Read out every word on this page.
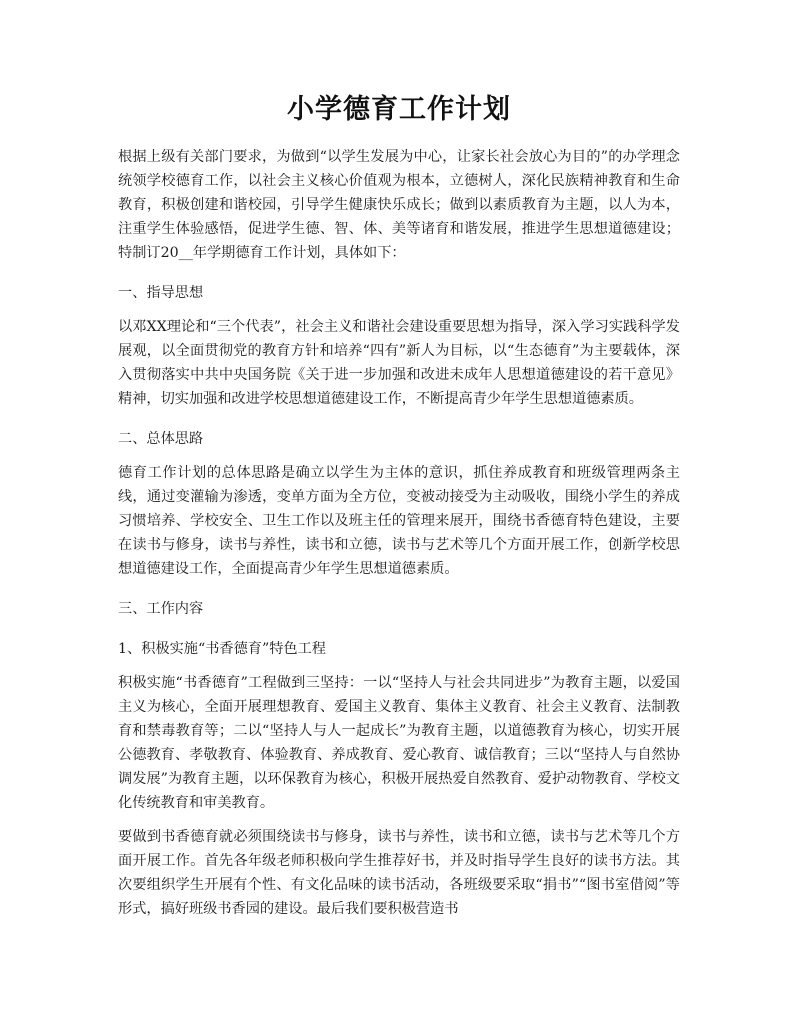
小学德育工作计划

根据上级有关部门要求，为做到“以学生发展为中心，让家长社会放心为目的”的办学理念统领学校德育工作，以社会主义核心价值观为根本，立德树人，深化民族精神教育和生命教育，积极创建和谐校园，引导学生健康快乐成长；做到以素质教育为主题，以人为本，注重学生体验感悟，促进学生德、智、体、美等诸育和谐发展，推进学生思想道德建设；特制订20__年学期德育工作计划，具体如下：

一、指导思想

以邓XX理论和“三个代表”，社会主义和谐社会建设重要思想为指导，深入学习实践科学发展观，以全面贯彻党的教育方针和培养“四有”新人为目标，以“生态德育”为主要载体，深入贯彻落实中共中央国务院《关于进一步加强和改进未成年人思想道德建设的若干意见》精神，切实加强和改进学校思想道德建设工作，不断提高青少年学生思想道德素质。

二、总体思路

德育工作计划的总体思路是确立以学生为主体的意识，抓住养成教育和班级管理两条主线，通过变灌输为渗透，变单方面为全方位，变被动接受为主动吸收，围绕小学生的养成习惯培养、学校安全、卫生工作以及班主任的管理来展开，围绕书香德育特色建设，主要在读书与修身，读书与养性，读书和立德，读书与艺术等几个方面开展工作，创新学校思想道德建设工作，全面提高青少年学生思想道德素质。

三、工作内容

1、积极实施“书香德育”特色工程

积极实施“书香德育”工程做到三坚持：一以“坚持人与社会共同进步”为教育主题，以爱国主义为核心，全面开展理想教育、爱国主义教育、集体主义教育、社会主义教育、法制教育和禁毒教育等；二以“坚持人与人一起成长”为教育主题，以道德教育为核心，切实开展公德教育、孝敬教育、体验教育、养成教育、爱心教育、诚信教育；三以“坚持人与自然协调发展”为教育主题，以环保教育为核心，积极开展热爱自然教育、爱护动物教育、学校文化传统教育和审美教育。

要做到书香德育就必须围绕读书与修身，读书与养性，读书和立德，读书与艺术等几个方面开展工作。首先各年级老师积极向学生推荐好书，并及时指导学生良好的读书方法。其次要组织学生开展有个性、有文化品味的读书活动，各班级要采取“捐书”“图书室借阅”等形式，搞好班级书香园的建设。最后我们要积极营造书
